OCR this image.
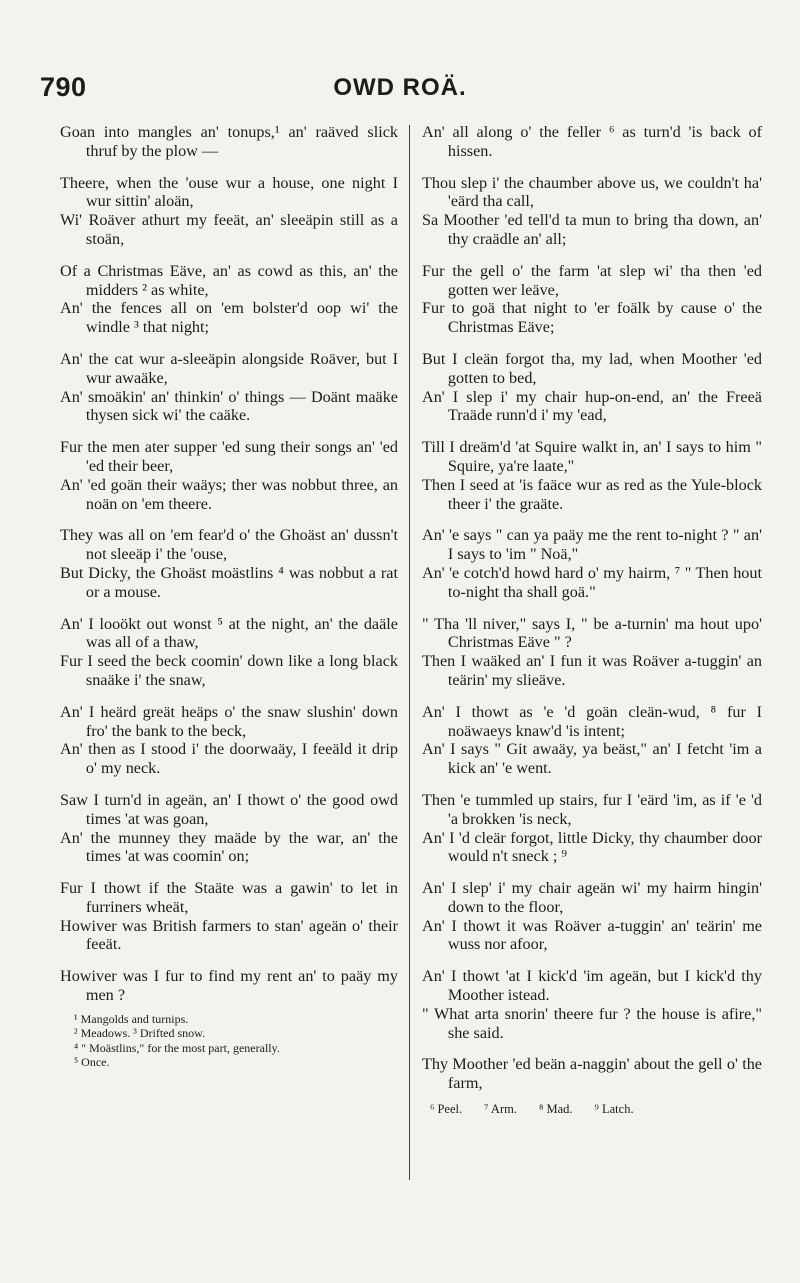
790	OWD ROÄ.
Goan into mangles an' tonups,¹ an' raäved slick thruf by the plow —
Theere, when the 'ouse wur a house, one night I wur sittin' aloän,
Wi' Roäver athurt my feeät, an' sleeäpin still as a stoän,
Of a Christmas Eäve, an' as cowd as this, an' the midders ² as white,
An' the fences all on 'em bolster'd oop wi' the windle ³ that night;
An' the cat wur a-sleeäpin alongside Roäver, but I wur awaäke,
An' smoäkin' an' thinkin' o' things — Doänt maäke thysen sick wi' the caäke.
Fur the men ater supper 'ed sung their songs an' 'ed 'ed their beer,
An' 'ed goän their waäys; ther was nobbut three, an noän on 'em theere.
They was all on 'em fear'd o' the Ghoäst an' dussn't not sleeäp i' the 'ouse,
But Dicky, the Ghoäst moästlins ⁴ was nobbut a rat or a mouse.
An' I looökt out wonst ⁵ at the night, an' the daäle was all of a thaw,
Fur I seed the beck coomin' down like a long black snaäke i' the snaw,
An' I heärd greät heäps o' the snaw slushin' down fro' the bank to the beck,
An' then as I stood i' the doorwaäy, I feeäld it drip o' my neck.
Saw I turn'd in ageän, an' I thowt o' the good owd times 'at was goan,
An' the munney they maäde by the war, an' the times 'at was coomin' on;
Fur I thowt if the Staäte was a gawin' to let in furriners wheät,
Howiver was British farmers to stan' ageän o' their feeät.
Howiver was I fur to find my rent an' to paäy my men ?
¹ Mangolds and turnips.
² Meadows. ³ Drifted snow.
⁴ " Moästlins," for the most part, generally.
⁵ Once.
An' all along o' the feller ⁶ as turn'd 'is back of hissen.
Thou slep i' the chaumber above us, we couldn't ha' 'eärd tha call,
Sa Moother 'ed tell'd ta mun to bring tha down, an' thy craädle an' all;
Fur the gell o' the farm 'at slep wi' tha then 'ed gotten wer leäve,
Fur to goä that night to 'er foälk by cause o' the Christmas Eäve;
But I cleän forgot tha, my lad, when Moother 'ed gotten to bed,
An' I slep i' my chair hup-on-end, an' the Freeä Traäde runn'd i' my 'ead,
Till I dreäm'd 'at Squire walkt in, an' I says to him " Squire, ya're laate,"
Then I seed at 'is faäce wur as red as the Yule-block theer i' the graäte.
An' 'e says " can ya paäy me the rent to-night ? " an' I says to 'im " Noä,"
An' 'e cotch'd howd hard o' my hairm, ⁷ " Then hout to-night tha shall goä."
" Tha 'll niver," says I, " be a-turnin' ma hout upo' Christmas Eäve " ?
Then I waäked an' I fun it was Roäver a-tuggin' an teärin' my slieäve.
An' I thowt as 'e 'd goän cleän-wud, ⁸ fur I noäwaeys knaw'd 'is intent;
An' I says " Git awaäy, ya beäst," an' I fetcht 'im a kick an' 'e went.
Then 'e tummled up stairs, fur I 'eärd 'im, as if 'e 'd 'a brokken 'is neck,
An' I 'd cleär forgot, little Dicky, thy chaumber door would n't sneck ; ⁹
An' I slep' i' my chair ageän wi' my hairm hingin' down to the floor,
An' I thowt it was Roäver a-tuggin' an' teärin' me wuss nor afoor,
An' I thowt 'at I kick'd 'im ageän, but I kick'd thy Moother istead.
" What arta snorin' theere fur ? the house is afire," she said.
Thy Moother 'ed beän a-naggin' about the gell o' the farm,
⁶ Peel. ⁷ Arm. ⁸ Mad. ⁹ Latch.
